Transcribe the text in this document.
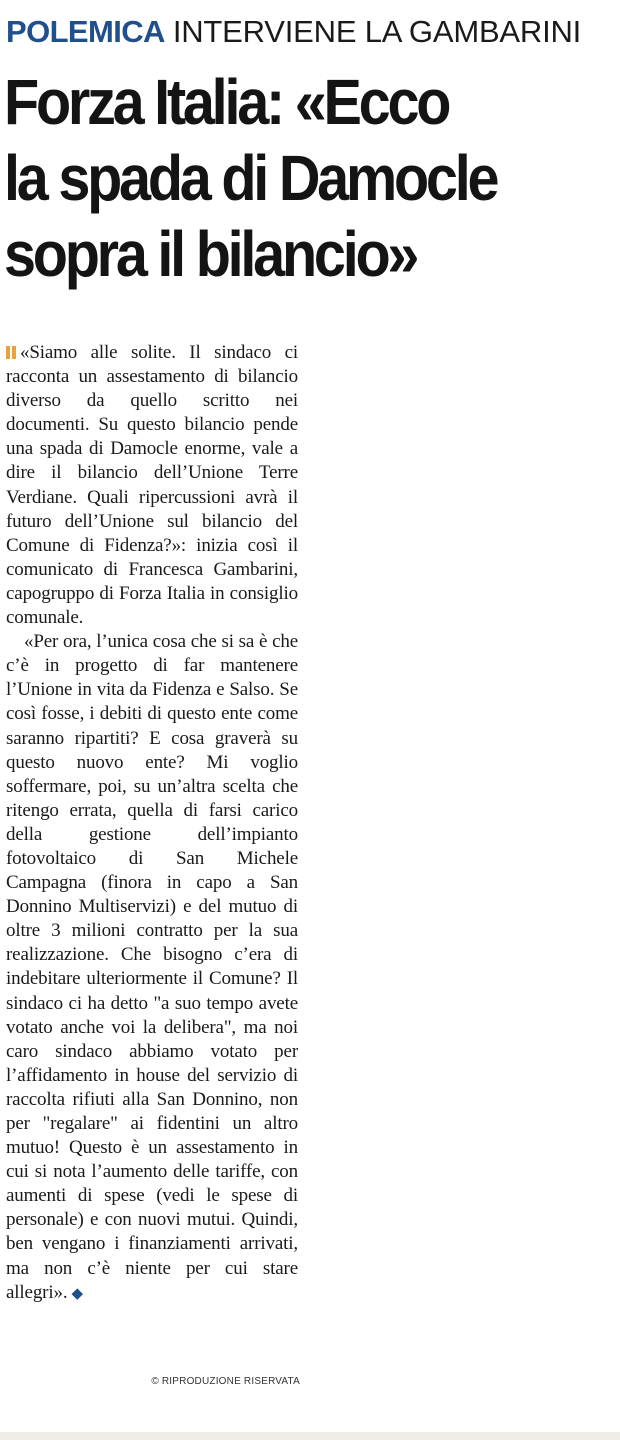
POLEMICA INTERVIENE LA GAMBARINI
Forza Italia: «Ecco
la spada di Damocle
sopra il bilancio»

«Siamo alle solite. Il sindaco ci racconta un assestamento di bilancio diverso da quello scritto nei documenti. Su questo bilancio pende una spada di Damocle enorme, vale a dire il bilancio dell’Unione Terre Verdiane. Quali ripercussioni avrà il futuro dell’Unione sul bilancio del Comune di Fidenza?»: inizia così il comunicato di Francesca Gambarini, capogruppo di Forza Italia in consiglio comunale.

«Per ora, l’unica cosa che si sa è che c’è in progetto di far mantenere l’Unione in vita da Fidenza e Salso. Se così fosse, i debiti di questo ente come saranno ripartiti? E cosa graverà su questo nuovo ente? Mi voglio soffermare, poi, su un’altra scelta che ritengo errata, quella di farsi carico della gestione dell’impianto fotovoltaico di San Michele Campagna (finora in capo a San Donnino Multiservizi) e del mutuo di oltre 3 milioni contratto per la sua realizzazione. Che bisogno c’era di indebitare ulteriormente il Comune? Il sindaco ci ha detto "a suo tempo avete votato anche voi la delibera", ma noi caro sindaco abbiamo votato per l’affidamento in house del servizio di raccolta rifiuti alla San Donnino, non per "regalare" ai fidentini un altro mutuo! Questo è un assestamento in cui si nota l’aumento delle tariffe, con aumenti di spese (vedi le spese di personale) e con nuovi mutui. Quindi, ben vengano i finanziamenti arrivati, ma non c’è niente per cui stare allegri». ◆

© RIPRODUZIONE RISERVATA
